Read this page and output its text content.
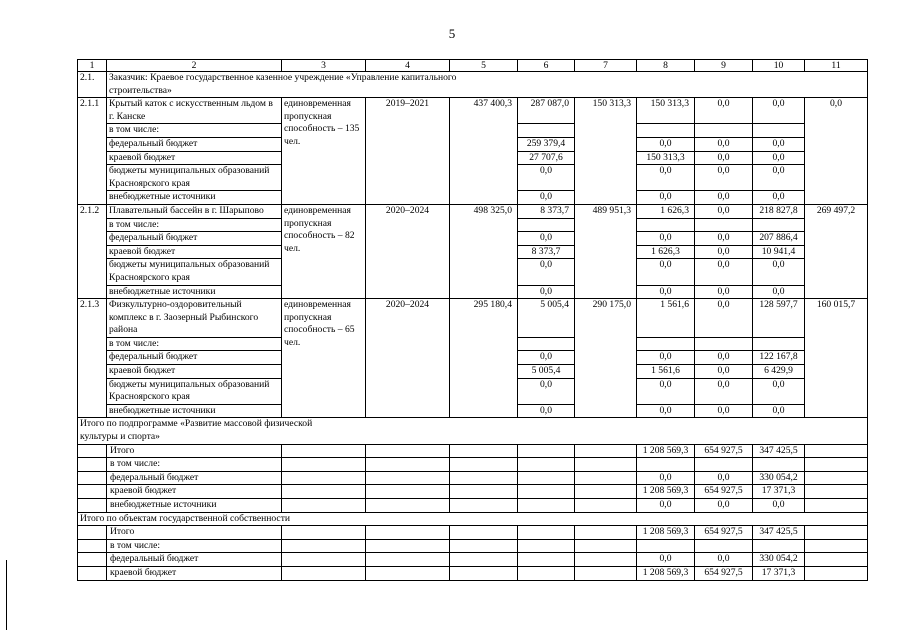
5
1	2	3	4	5	6	7	8	9	10	11
2.1.	Заказчик: Краевое государственное казенное учреждение «Управление капитального строительства»									
2.1.1	Крытый каток с искусственным льдом в г. Канске	единовременная пропускная способность – 135 чел.	2019–2021	437 400,3	287 087,0	150 313,3	150 313,3	0,0	0,0	0,0
	в том числе:									
	федеральный бюджет				259 379,4		0,0	0,0	0,0	
	краевой бюджет				27 707,6		150 313,3	0,0	0,0	
	бюджеты муниципальных образований Красноярского края				0,0		0,0	0,0	0,0	
	внебюджетные источники				0,0		0,0	0,0	0,0	
2.1.2	Плавательный бассейн в г. Шарыпово	единовременная пропускная способность – 82 чел.	2020–2024	498 325,0	8 373,7	489 951,3	1 626,3	0,0	218 827,8	269 497,2
	в том числе:									
	федеральный бюджет				0,0		0,0	0,0	207 886,4	
	краевой бюджет				8 373,7		1 626,3	0,0	10 941,4	
	бюджеты муниципальных образований Красноярского края				0,0		0,0	0,0	0,0	
	внебюджетные источники				0,0		0,0	0,0	0,0	
2.1.3	Физкультурно-оздоровительный комплекс в г. Заозерный Рыбинского района	единовременная пропускная способность – 65 чел.	2020–2024	295 180,4	5 005,4	290 175,0	1 561,6	0,0	128 597,7	160 015,7
	в том числе:									
	федеральный бюджет				0,0		0,0	0,0	122 167,8	
	краевой бюджет				5 005,4		1 561,6	0,0	6 429,9	
	бюджеты муниципальных образований Красноярского края				0,0		0,0	0,0	0,0	
	внебюджетные источники				0,0		0,0	0,0	0,0	
Итого по подпрограмме «Развитие массовой физической культуры и спорта»										
	Итого						1 208 569,3	654 927,5	347 425,5	
	в том числе:									
	федеральный бюджет						0,0	0,0	330 054,2	
	краевой бюджет						1 208 569,3	654 927,5	17 371,3	
	внебюджетные источники						0,0	0,0	0,0	
Итого по объектам государственной собственности										
	Итого						1 208 569,3	654 927,5	347 425,5	
	в том числе:									
	федеральный бюджет						0,0	0,0	330 054,2	
	краевой бюджет						1 208 569,3	654 927,5	17 371,3	
